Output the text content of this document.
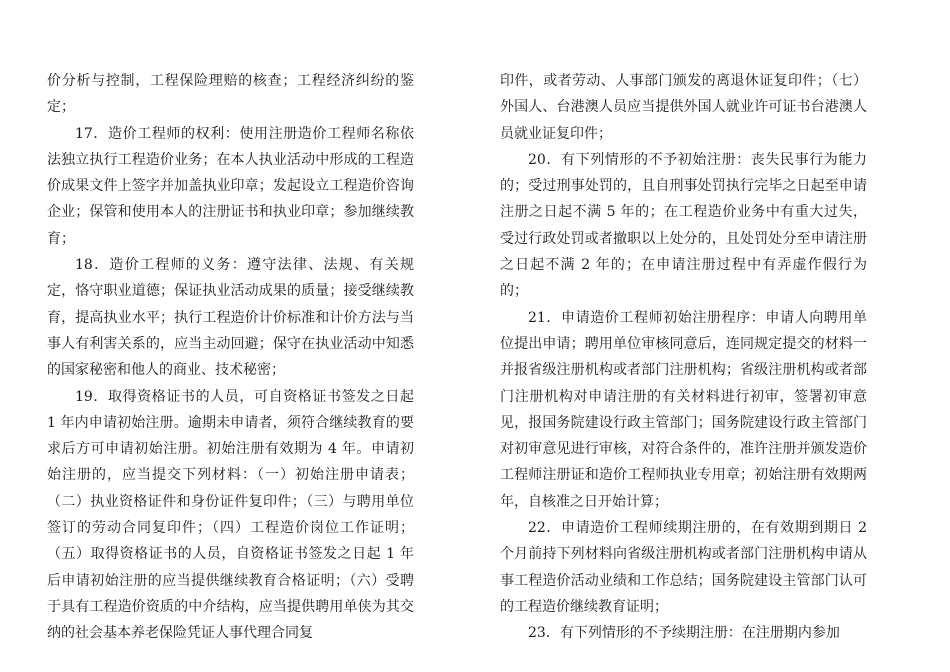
价分析与控制，工程保险理赔的核查；工程经济纠纷的鉴定；

17．造价工程师的权利：使用注册造价工程师名称依法独立执行工程造价业务；在本人执业活动中形成的工程造价成果文件上签字并加盖执业印章；发起设立工程造价咨询企业；保管和使用本人的注册证书和执业印章；参加继续教育；

18．造价工程师的义务：遵守法律、法规、有关规定，恪守职业道德；保证执业活动成果的质量；接受继续教育，提高执业水平；执行工程造价计价标准和计价方法与当事人有利害关系的，应当主动回避；保守在执业活动中知悉的国家秘密和他人的商业、技术秘密；

19．取得资格证书的人员，可自资格证书签发之日起 1 年内申请初始注册。逾期未申请者，须符合继续教育的要求后方可申请初始注册。初始注册有效期为 4 年。申请初始注册的，应当提交下列材料：（一）初始注册申请表；（二）执业资格证件和身份证件复印件；（三）与聘用单位签订的劳动合同复印件；（四）工程造价岗位工作证明；（五）取得资格证书的人员，自资格证书签发之日起 1 年后申请初始注册的应当提供继续教育合格证明；（六）受聘于具有工程造价资质的中介结构，应当提供聘用单侠为其交纳的社会基本养老保险凭证人事代理合同复

印件，或者劳动、人事部门颁发的离退休证复印件；（七）外国人、台港澳人员应当提供外国人就业许可证书台港澳人员就业证复印件；

20．有下列情形的不予初始注册：丧失民事行为能力的；受过刑事处罚的，且自刑事处罚执行完毕之日起至申请注册之日起不满 5 年的；在工程造价业务中有重大过失，受过行政处罚或者撤职以上处分的，且处罚处分至申请注册之日起不满 2 年的；在申请注册过程中有弄虚作假行为的；

21．申请造价工程师初始注册程序：申请人向聘用单位提出申请；聘用单位审核同意后，连同规定提交的材料一并报省级注册机构或者部门注册机构；省级注册机构或者部门注册机构对申请注册的有关材料进行初审，签署初审意见，报国务院建设行政主管部门；国务院建设行政主管部门对初审意见进行审核，对符合条件的，准许注册并颁发造价工程师注册证和造价工程师执业专用章；初始注册有效期两年，自核准之日开始计算；

22．申请造价工程师续期注册的，在有效期到期日 2 个月前持下列材料向省级注册机构或者部门注册机构申请从事工程造价活动业绩和工作总结；国务院建设主管部门认可的工程造价继续教育证明；

23．有下列情形的不予续期注册：在注册期内参加
